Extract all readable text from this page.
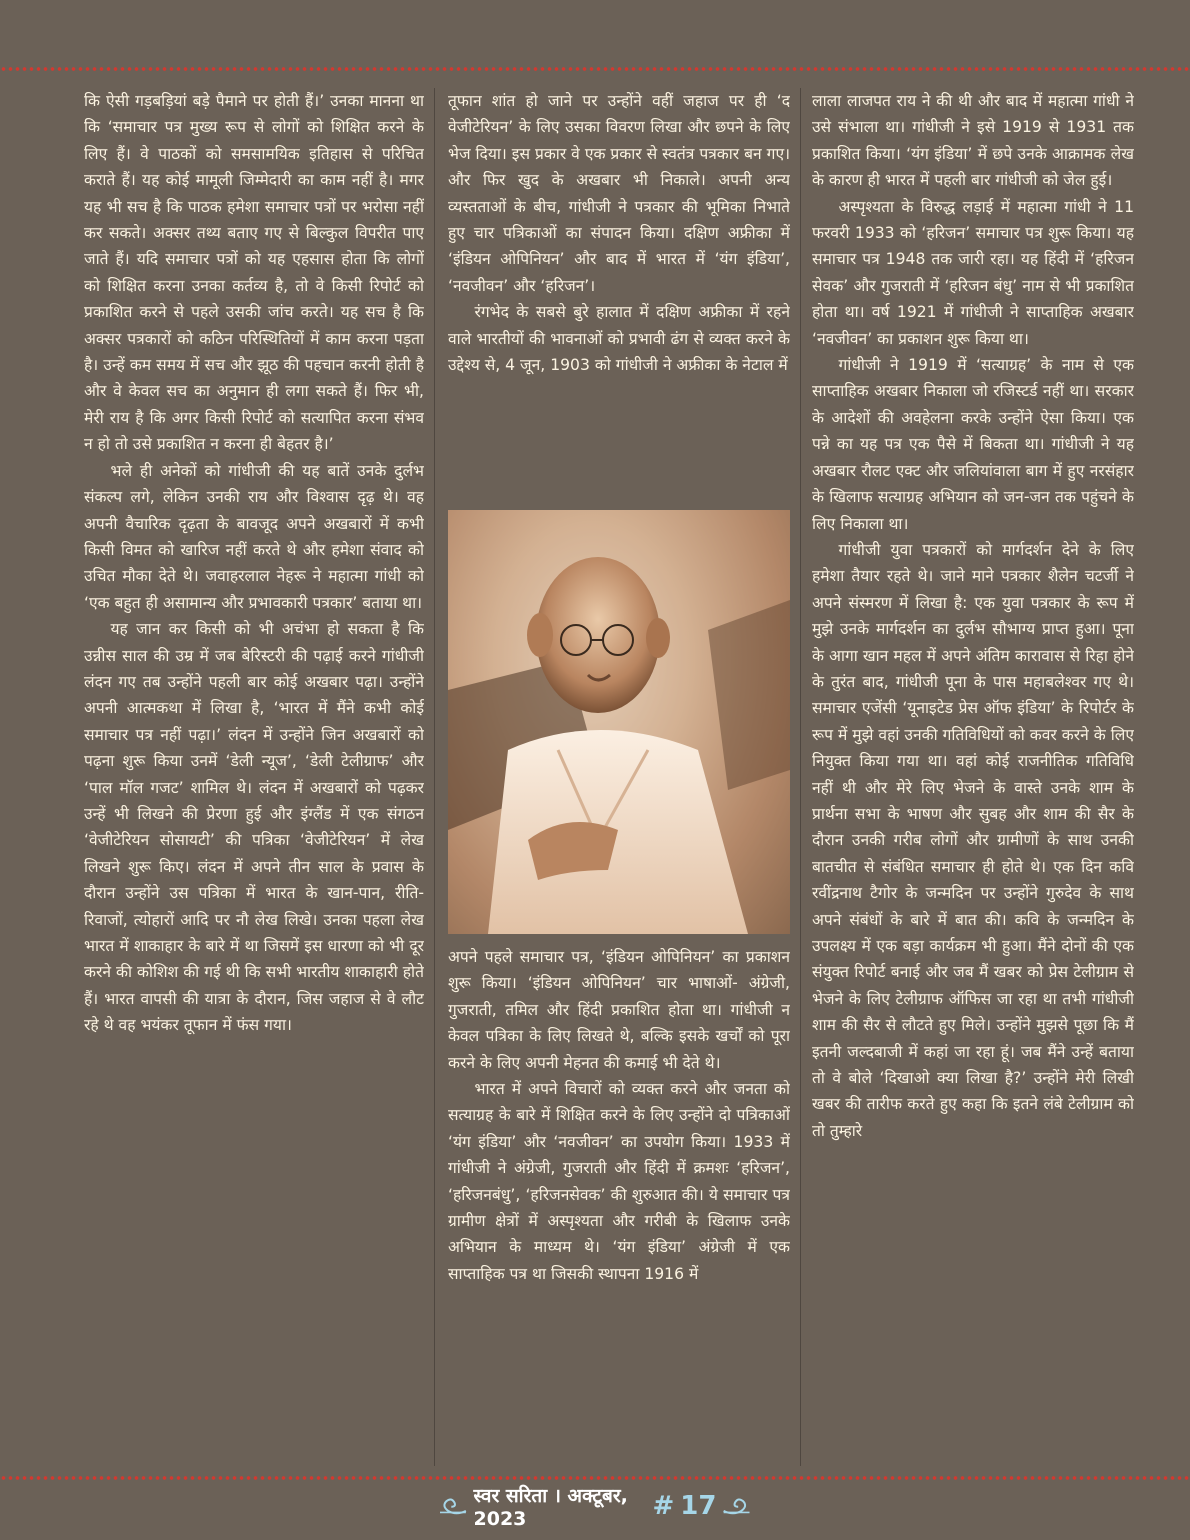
कि ऐसी गड़बड़ियां बड़े पैमाने पर होती हैं।’ उनका मानना था कि ‘समाचार पत्र मुख्य रूप से लोगों को शिक्षित करने के लिए हैं। वे पाठकों को समसामयिक इतिहास से परिचित कराते हैं। यह कोई मामूली जिम्मेदारी का काम नहीं है। मगर यह भी सच है कि पाठक हमेशा समाचार पत्रों पर भरोसा नहीं कर सकते। अक्सर तथ्य बताए गए से बिल्कुल विपरीत पाए जाते हैं। यदि समाचार पत्रों को यह एहसास होता कि लोगों को शिक्षित करना उनका कर्तव्य है, तो वे किसी रिपोर्ट को प्रकाशित करने से पहले उसकी जांच करते। यह सच है कि अक्सर पत्रकारों को कठिन परिस्थितियों में काम करना पड़ता है। उन्हें कम समय में सच और झूठ की पहचान करनी होती है और वे केवल सच का अनुमान ही लगा सकते हैं। फिर भी, मेरी राय है कि अगर किसी रिपोर्ट को सत्यापित करना संभव न हो तो उसे प्रकाशित न करना ही बेहतर है।’

भले ही अनेकों को गांधीजी की यह बातें उनके दुर्लभ संकल्प लगे, लेकिन उनकी राय और विश्वास दृढ़ थे। वह अपनी वैचारिक दृढ़ता के बावजूद अपने अखबारों में कभी किसी विमत को खारिज नहीं करते थे और हमेशा संवाद को उचित मौका देते थे। जवाहरलाल नेहरू ने महात्मा गांधी को ‘एक बहुत ही असामान्य और प्रभावकारी पत्रकार’ बताया था।

यह जान कर किसी को भी अचंभा हो सकता है कि उन्नीस साल की उम्र में जब बेरिस्टरी की पढ़ाई करने गांधीजी लंदन गए तब उन्होंने पहली बार कोई अखबार पढ़ा। उन्होंने अपनी आत्मकथा में लिखा है, ‘भारत में मैंने कभी कोई समाचार पत्र नहीं पढ़ा।’ लंदन में उन्होंने जिन अखबारों को पढ़ना शुरू किया उनमें ‘डेली न्यूज’, ‘डेली टेलीग्राफ’ और ‘पाल मॉल गजट’ शामिल थे। लंदन में अखबारों को पढ़कर उन्हें भी लिखने की प्रेरणा हुई और इंग्लैंड में एक संगठन ‘वेजीटेरियन सोसायटी’ की पत्रिका ‘वेजीटेरियन’ में लेख लिखने शुरू किए। लंदन में अपने तीन साल के प्रवास के दौरान उन्होंने उस पत्रिका में भारत के खान-पान, रीति-रिवाजों, त्योहारों आदि पर नौ लेख लिखे। उनका पहला लेख भारत में शाकाहार के बारे में था जिसमें इस धारणा को भी दूर करने की कोशिश की गई थी कि सभी भारतीय शाकाहारी होते हैं। भारत वापसी की यात्रा के दौरान, जिस जहाज से वे लौट रहे थे वह भयंकर तूफान में फंस गया।

तूफान शांत हो जाने पर उन्होंने वहीं जहाज पर ही ‘द वेजीटेरियन’ के लिए उसका विवरण लिखा और छपने के लिए भेज दिया। इस प्रकार वे एक प्रकार से स्वतंत्र पत्रकार बन गए। और फिर खुद के अखबार भी निकाले। अपनी अन्य व्यस्तताओं के बीच, गांधीजी ने पत्रकार की भूमिका निभाते हुए चार पत्रिकाओं का संपादन किया। दक्षिण अफ्रीका में ‘इंडियन ओपिनियन’ और बाद में भारत में ‘यंग इंडिया’, ‘नवजीवन’ और ‘हरिजन’।

रंगभेद के सबसे बुरे हालात में दक्षिण अफ्रीका में रहने वाले भारतीयों की भावनाओं को प्रभावी ढंग से व्यक्त करने के उद्देश्य से, 4 जून, 1903 को गांधीजी ने अफ्रीका के नेटाल में

अपने पहले समाचार पत्र, ‘इंडियन ओपिनियन’ का प्रकाशन शुरू किया। ‘इंडियन ओपिनियन’ चार भाषाओं- अंग्रेजी, गुजराती, तमिल और हिंदी प्रकाशित होता था। गांधीजी न केवल पत्रिका के लिए लिखते थे, बल्कि इसके खर्चों को पूरा करने के लिए अपनी मेहनत की कमाई भी देते थे।

भारत में अपने विचारों को व्यक्त करने और जनता को सत्याग्रह के बारे में शिक्षित करने के लिए उन्होंने दो पत्रिकाओं ‘यंग इंडिया’ और ‘नवजीवन’ का उपयोग किया। 1933 में गांधीजी ने अंग्रेजी, गुजराती और हिंदी में क्रमशः ‘हरिजन’, ‘हरिजनबंधु’, ‘हरिजनसेवक’ की शुरुआत की। ये समाचार पत्र ग्रामीण क्षेत्रों में अस्पृश्यता और गरीबी के खिलाफ उनके अभियान के माध्यम थे। ‘यंग इंडिया’ अंग्रेजी में एक साप्ताहिक पत्र था जिसकी स्थापना 1916 में

लाला लाजपत राय ने की थी और बाद में महात्मा गांधी ने उसे संभाला था। गांधीजी ने इसे 1919 से 1931 तक प्रकाशित किया। ‘यंग इंडिया’ में छपे उनके आक्रामक लेख के कारण ही भारत में पहली बार गांधीजी को जेल हुई।

अस्पृश्यता के विरुद्ध लड़ाई में महात्मा गांधी ने 11 फरवरी 1933 को ‘हरिजन’ समाचार पत्र शुरू किया। यह समाचार पत्र 1948 तक जारी रहा। यह हिंदी में ‘हरिजन सेवक’ और गुजराती में ‘हरिजन बंधु’ नाम से भी प्रकाशित होता था। वर्ष 1921 में गांधीजी ने साप्ताहिक अखबार ‘नवजीवन’ का प्रकाशन शुरू किया था।

गांधीजी ने 1919 में ‘सत्याग्रह’ के नाम से एक साप्ताहिक अखबार निकाला जो रजिस्टर्ड नहीं था। सरकार के आदेशों की अवहेलना करके उन्होंने ऐसा किया। एक पन्ने का यह पत्र एक पैसे में बिकता था। गांधीजी ने यह अखबार रौलट एक्ट और जलियांवाला बाग में हुए नरसंहार के खिलाफ सत्याग्रह अभियान को जन-जन तक पहुंचने के लिए निकाला था।

गांधीजी युवा पत्रकारों को मार्गदर्शन देने के लिए हमेशा तैयार रहते थे। जाने माने पत्रकार शैलेन चटर्जी ने अपने संस्मरण में लिखा है: एक युवा पत्रकार के रूप में मुझे उनके मार्गदर्शन का दुर्लभ सौभाग्य प्राप्त हुआ। पूना के आगा खान महल में अपने अंतिम कारावास से रिहा होने के तुरंत बाद, गांधीजी पूना के पास महाबलेश्वर गए थे। समाचार एजेंसी ‘यूनाइटेड प्रेस ऑफ इंडिया’ के रिपोर्टर के रूप में मुझे वहां उनकी गतिविधियों को कवर करने के लिए नियुक्त किया गया था। वहां कोई राजनीतिक गतिविधि नहीं थी और मेरे लिए भेजने के वास्ते उनके शाम के प्रार्थना सभा के भाषण और सुबह और शाम की सैर के दौरान उनकी गरीब लोगों और ग्रामीणों के साथ उनकी बातचीत से संबंधित समाचार ही होते थे। एक दिन कवि रवींद्रनाथ टैगोर के जन्मदिन पर उन्होंने गुरुदेव के साथ अपने संबंधों के बारे में बात की। कवि के जन्मदिन के उपलक्ष्य में एक बड़ा कार्यक्रम भी हुआ। मैंने दोनों की एक संयुक्त रिपोर्ट बनाई और जब मैं खबर को प्रेस टेलीग्राम से भेजने के लिए टेलीग्राफ ऑफिस जा रहा था तभी गांधीजी शाम की सैर से लौटते हुए मिले। उन्होंने मुझसे पूछा कि मैं इतनी जल्दबाजी में कहां जा रहा हूं। जब मैंने उन्हें बताया तो वे बोले ‘दिखाओ क्या लिखा है?’ उन्होंने मेरी लिखी खबर की तारीफ करते हुए कहा कि इतने लंबे टेलीग्राम को तो तुम्हारे

स्वर सरिता । अक्टूबर, 2023	# 17
